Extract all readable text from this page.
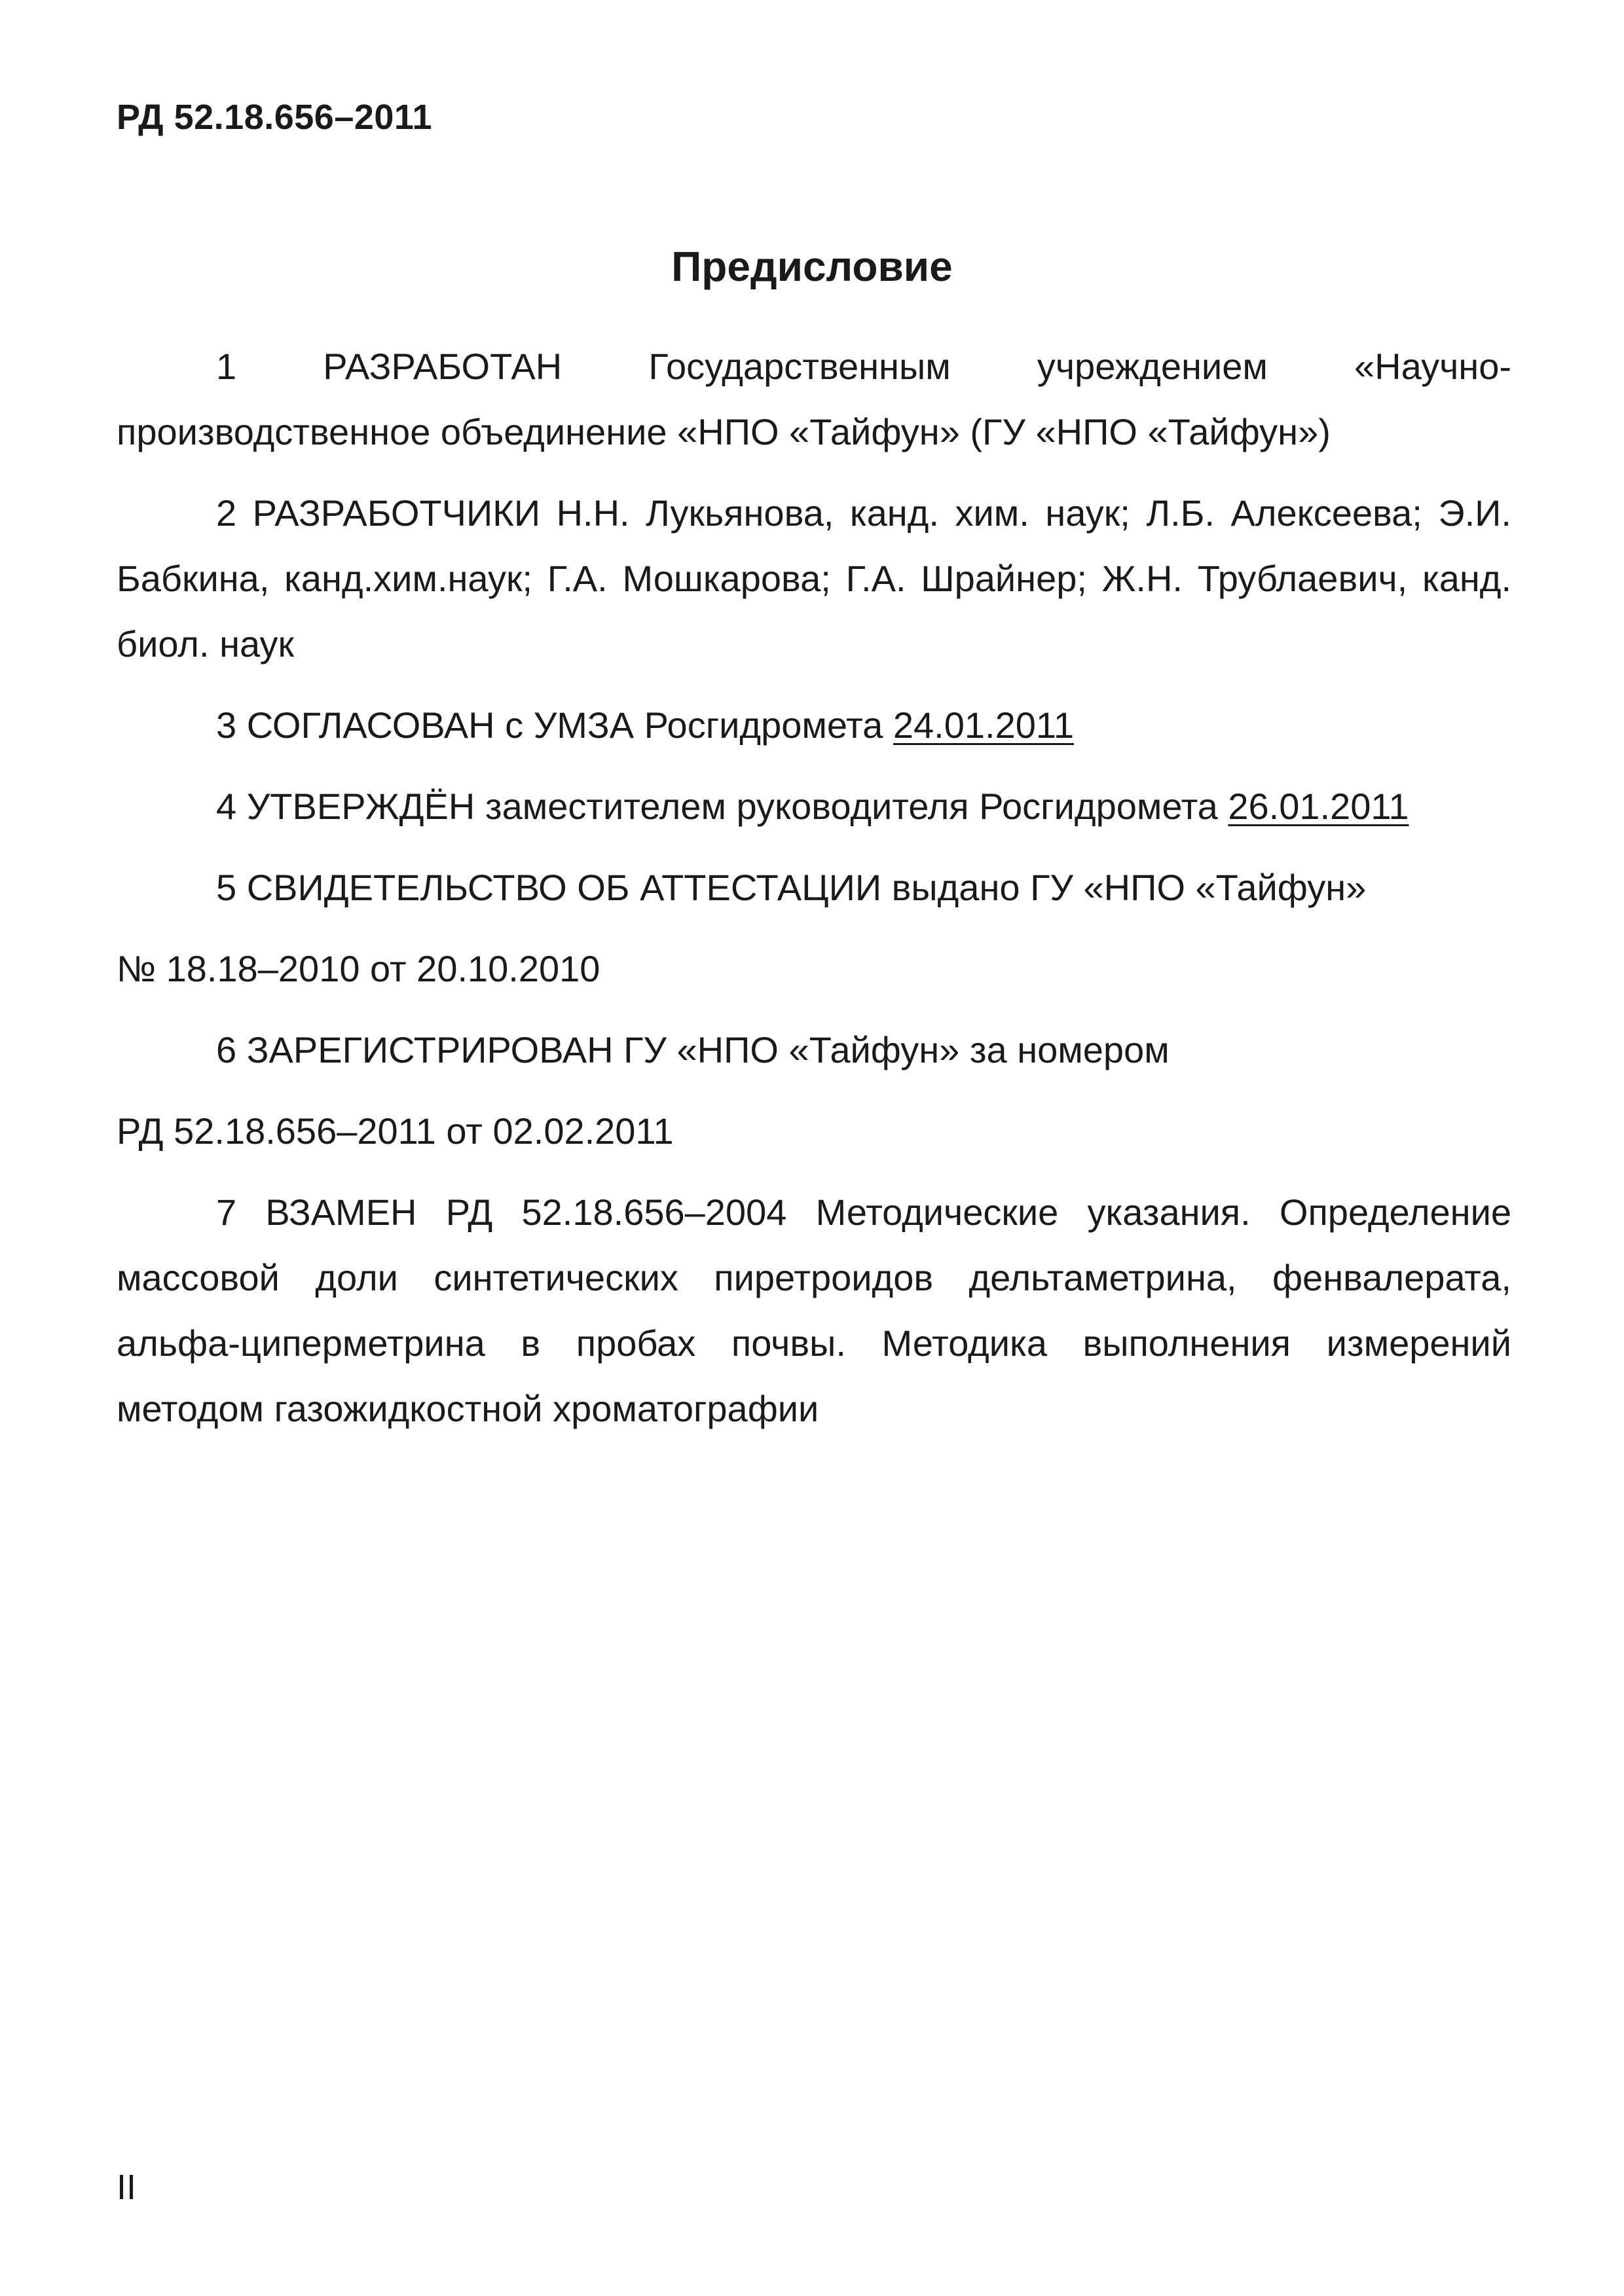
РД 52.18.656–2011
Предисловие

1 РАЗРАБОТАН Государственным учреждением «Научно-производственное объединение «НПО «Тайфун» (ГУ «НПО «Тайфун»)

2 РАЗРАБОТЧИКИ Н.Н. Лукьянова, канд. хим. наук; Л.Б. Алексеева; Э.И. Бабкина, канд.хим.наук; Г.А. Мошкарова; Г.А. Шрайнер; Ж.Н. Трублаевич, канд. биол. наук

3 СОГЛАСОВАН с УМЗА Росгидромета 24.01.2011

4 УТВЕРЖДЁН заместителем руководителя Росгидромета 26.01.2011

5 СВИДЕТЕЛЬСТВО ОБ АТТЕСТАЦИИ выдано ГУ «НПО «Тайфун»

№ 18.18–2010 от 20.10.2010

6 ЗАРЕГИСТРИРОВАН ГУ «НПО «Тайфун» за номером

РД 52.18.656–2011 от 02.02.2011

7 ВЗАМЕН РД 52.18.656–2004 Методические указания. Определение массовой доли синтетических пиретроидов дельтаметрина, фенвалерата, альфа-циперметрина в пробах почвы. Методика выполнения измерений методом газожидкостной хроматографии

II
